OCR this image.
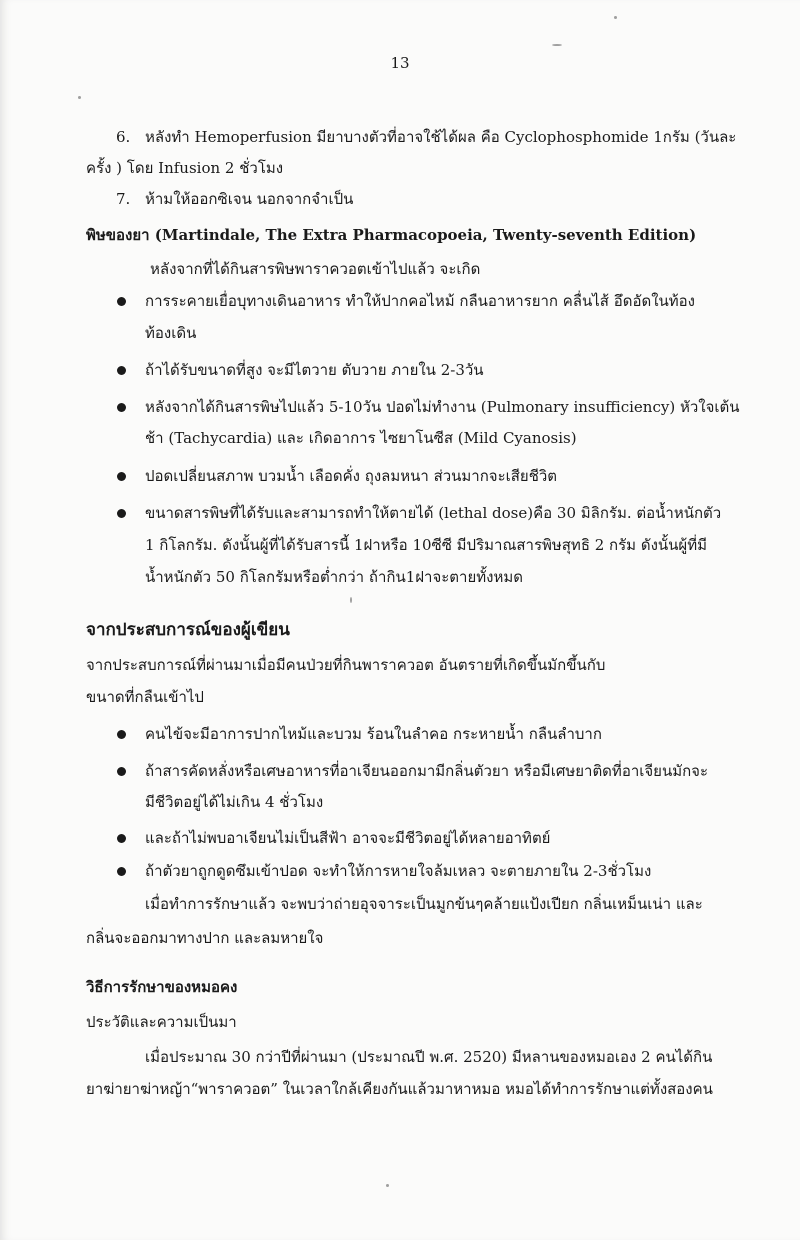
13
6. หลังทำ Hemoperfusion มียาบางตัวที่อาจใช้ได้ผล คือ Cyclophosphomide 1กรัม (วันละ
ครั้ง ) โดย Infusion 2 ชั่วโมง
7. ห้ามให้ออกซิเจน นอกจากจำเป็น
พิษของยา (Martindale, The Extra Pharmacopoeia, Twenty-seventh Edition)
หลังจากที่ได้กินสารพิษพาราควอตเข้าไปแล้ว จะเกิด
การระคายเยื่อบุทางเดินอาหาร ทำให้ปากคอไหม้ กลืนอาหารยาก คลื่นไส้ อึดอัดในท้อง
ท้องเดิน
ถ้าได้รับขนาดที่สูง จะมีไตวาย ตับวาย ภายใน 2-3วัน
หลังจากได้กินสารพิษไปแล้ว 5-10วัน ปอดไม่ทำงาน (Pulmonary insufficiency) หัวใจเต้น
ช้า (Tachycardia) และ เกิดอาการ ไซยาโนซีส (Mild Cyanosis)
ปอดเปลี่ยนสภาพ บวมน้ำ เลือดคั่ง ถุงลมหนา ส่วนมากจะเสียชีวิต
ขนาดสารพิษที่ได้รับและสามารถทำให้ตายได้ (lethal dose)คือ 30 มิลิกรัม. ต่อน้ำหนักตัว
1 กิโลกรัม. ดังนั้นผู้ที่ได้รับสารนี้ 1ฝาหรือ 10ซีซี มีปริมาณสารพิษสุทธิ 2 กรัม ดังนั้นผู้ที่มี
น้ำหนักตัว 50 กิโลกรัมหรือต่ำกว่า ถ้ากิน1ฝาจะตายทั้งหมด
จากประสบการณ์ของผู้เขียน
จากประสบการณ์ที่ผ่านมาเมื่อมีคนป่วยที่กินพาราควอต อันตรายที่เกิดขึ้นมักขึ้นกับ
ขนาดที่กลืนเข้าไป
คนไข้จะมีอาการปากไหม้และบวม ร้อนในลำคอ กระหายน้ำ กลืนลำบาก
ถ้าสารคัดหลั่งหรือเศษอาหารที่อาเจียนออกมามีกลิ่นตัวยา หรือมีเศษยาติดที่อาเจียนมักจะ
มีชีวิตอยู่ได้ไม่เกิน 4 ชั่วโมง
และถ้าไม่พบอาเจียนไม่เป็นสีฟ้า อาจจะมีชีวิตอยู่ได้หลายอาทิตย์
ถ้าตัวยาถูกดูดซึมเข้าปอด จะทำให้การหายใจล้มเหลว จะตายภายใน 2-3ชั่วโมง
เมื่อทำการรักษาแล้ว จะพบว่าถ่ายอุจจาระเป็นมูกข้นๆคล้ายแป้งเปียก กลิ่นเหม็นเน่า และ
กลิ่นจะออกมาทางปาก และลมหายใจ
วิธีการรักษาของหมอคง
ประวัติและความเป็นมา
เมื่อประมาณ 30 กว่าปีที่ผ่านมา (ประมาณปี พ.ศ. 2520) มีหลานของหมอเอง 2 คนได้กิน
ยาฆ่ายาฆ่าหญ้า“พาราควอต” ในเวลาใกล้เคียงกันแล้วมาหาหมอ หมอได้ทำการรักษาแต่ทั้งสองคน
